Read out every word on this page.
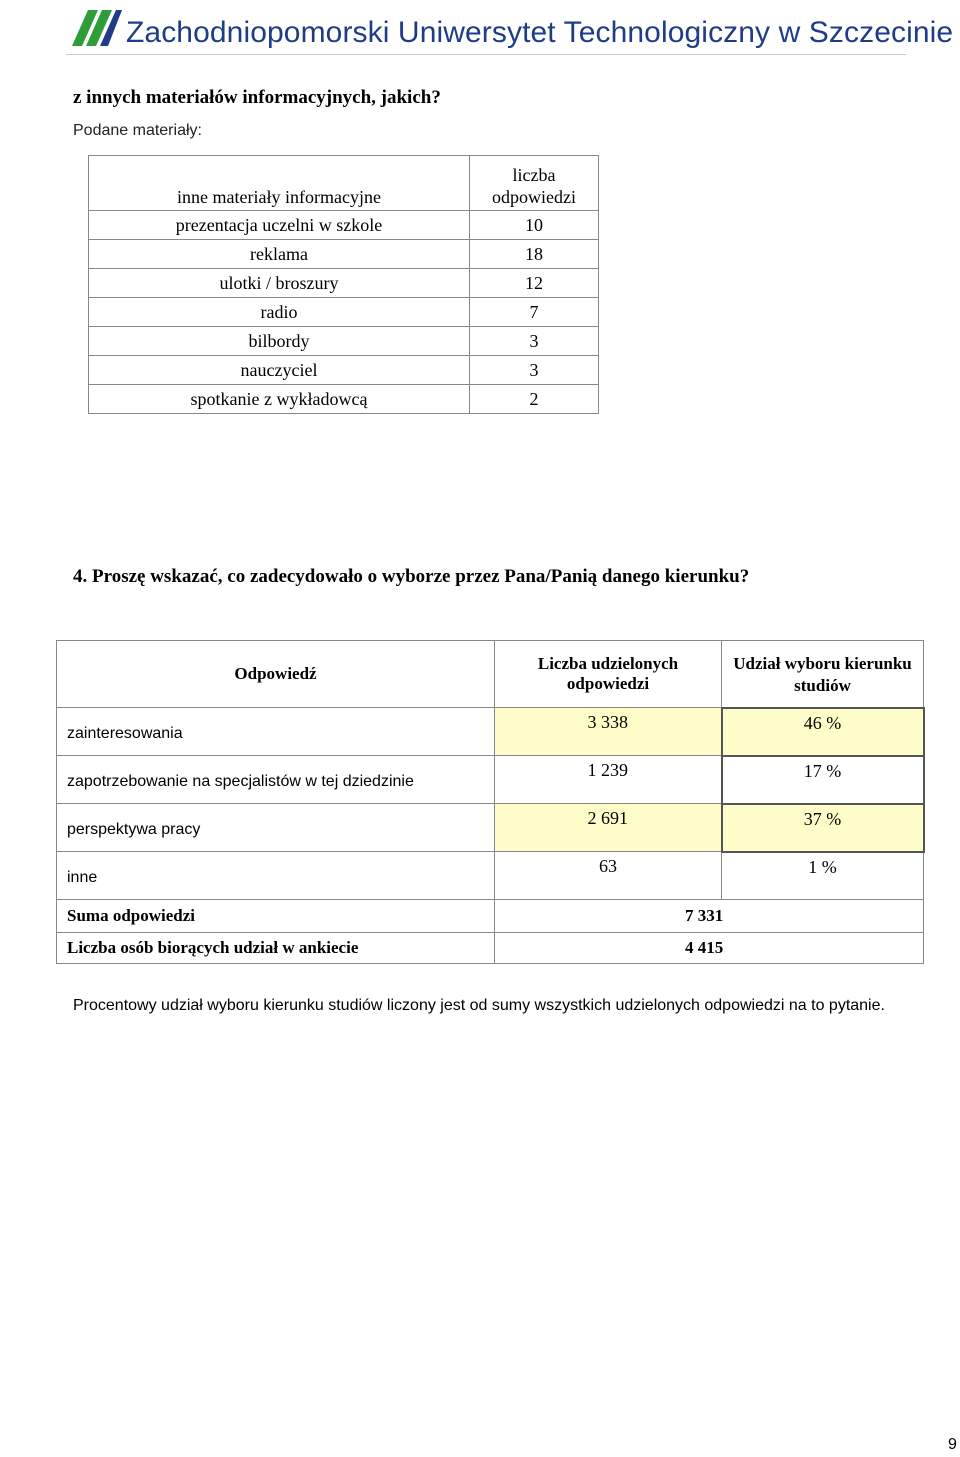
Zachodniopomorski Uniwersytet Technologiczny w Szczecinie
z innych materiałów informacyjnych, jakich?
Podane materiały:
inne materiały informacyjne	liczba odpowiedzi
prezentacja uczelni w szkole	10
reklama	18
ulotki / broszury	12
radio	7
bilbordy	3
nauczyciel	3
spotkanie z wykładowcą	2
4. Proszę wskazać, co zadecydowało o wyborze przez Pana/Panią danego kierunku?
Odpowiedź	Liczba udzielonych odpowiedzi	Udział wyboru kierunku studiów
zainteresowania	3 338	46 %
zapotrzebowanie na specjalistów w tej dziedzinie	1 239	17 %
perspektywa pracy	2 691	37 %
inne	63	1 %
Suma odpowiedzi	7 331	
Liczba osób biorących udział w ankiecie	4 415	
Procentowy udział wyboru kierunku studiów liczony jest od sumy wszystkich udzielonych odpowiedzi na to pytanie.
9
